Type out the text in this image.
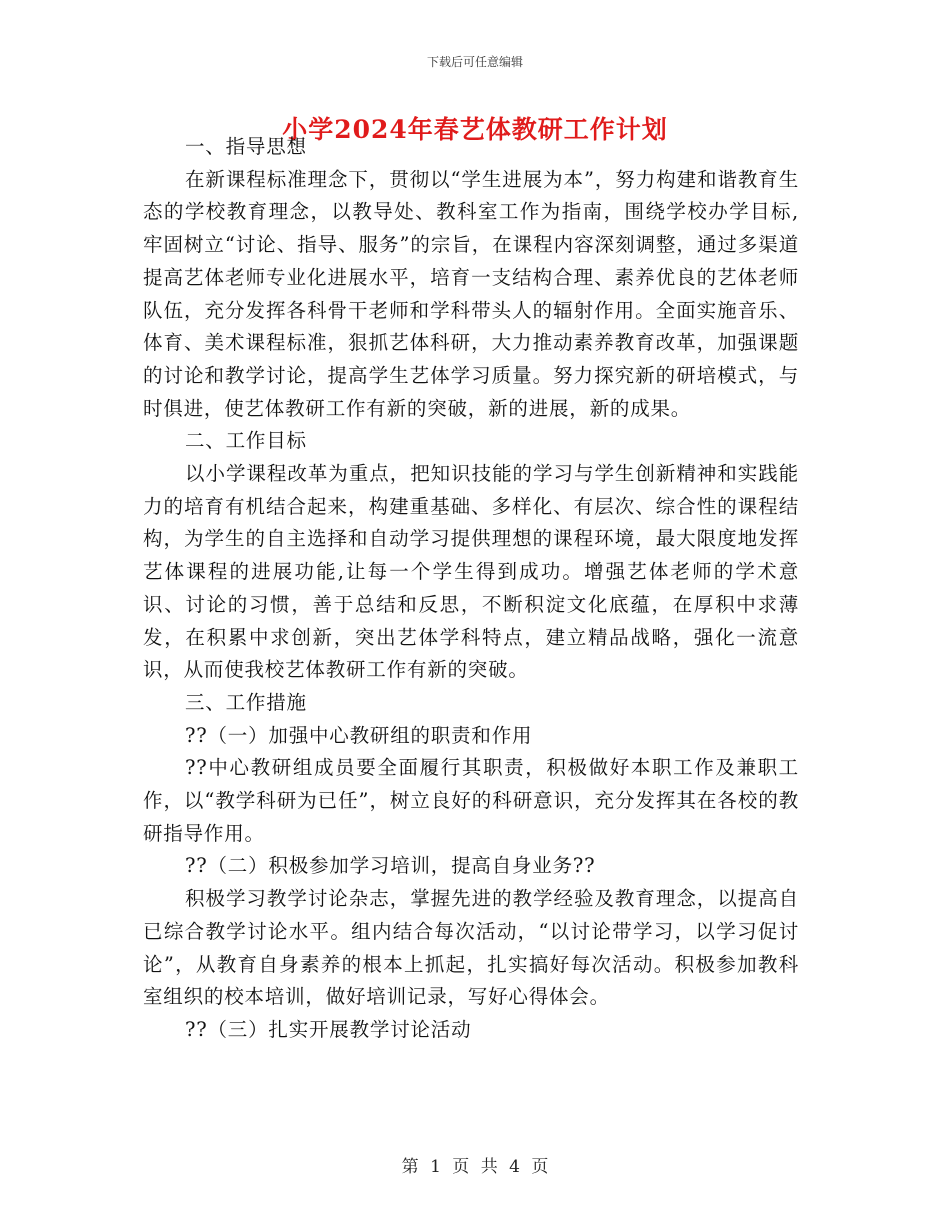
下载后可任意编辑
小学2024年春艺体教研工作计划

一、指导思想

在新课程标准理念下，贯彻以“学生进展为本”，努力构建和谐教育生态的学校教育理念，以教导处、教科室工作为指南，围绕学校办学目标,牢固树立“讨论、指导、服务”的宗旨，在课程内容深刻调整，通过多渠道提高艺体老师专业化进展水平，培育一支结构合理、素养优良的艺体老师队伍，充分发挥各科骨干老师和学科带头人的辐射作用。全面实施音乐、体育、美术课程标准，狠抓艺体科研，大力推动素养教育改革，加强课题的讨论和教学讨论，提高学生艺体学习质量。努力探究新的研培模式，与时俱进，使艺体教研工作有新的突破，新的进展，新的成果。

二、工作目标

以小学课程改革为重点，把知识技能的学习与学生创新精神和实践能力的培育有机结合起来，构建重基础、多样化、有层次、综合性的课程结构，为学生的自主选择和自动学习提供理想的课程环境，最大限度地发挥艺体课程的进展功能,让每一个学生得到成功。增强艺体老师的学术意识、讨论的习惯，善于总结和反思，不断积淀文化底蕴，在厚积中求薄发，在积累中求创新，突出艺体学科特点，建立精品战略，强化一流意识，从而使我校艺体教研工作有新的突破。

三、工作措施

??（一）加强中心教研组的职责和作用

??中心教研组成员要全面履行其职责，积极做好本职工作及兼职工作，以“教学科研为已任”，树立良好的科研意识，充分发挥其在各校的教研指导作用。

??（二）积极参加学习培训，提高自身业务??

积极学习教学讨论杂志，掌握先进的教学经验及教育理念，以提高自已综合教学讨论水平。组内结合每次活动，“以讨论带学习，以学习促讨论”，从教育自身素养的根本上抓起，扎实搞好每次活动。积极参加教科室组织的校本培训，做好培训记录，写好心得体会。

??（三）扎实开展教学讨论活动

第 1 页 共 4 页
